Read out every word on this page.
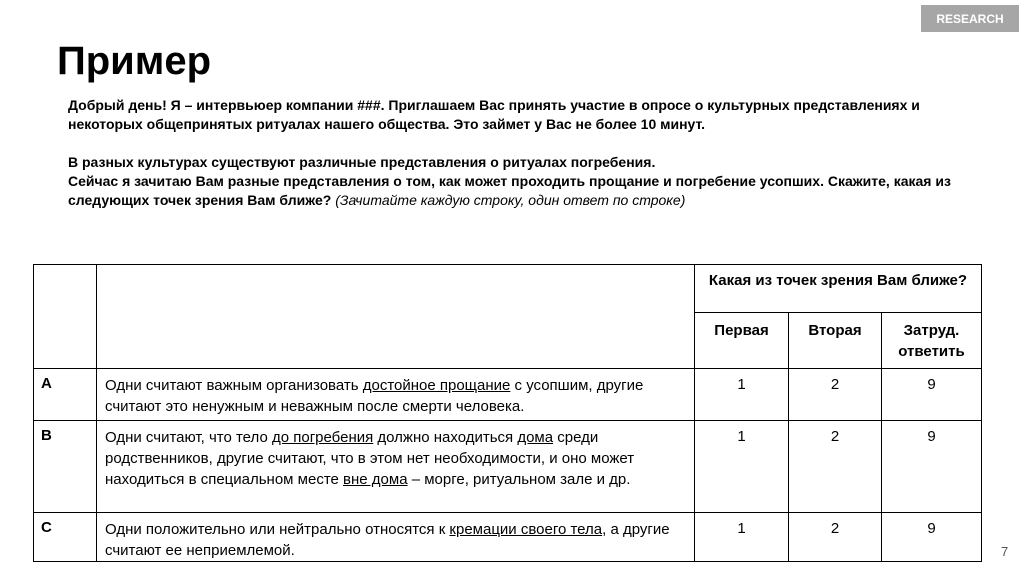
RESEARCH
Пример

Добрый день! Я – интервьюер компании ###. Приглашаем Вас принять участие в опросе о культурных представлениях и некоторых общепринятых ритуалах нашего общества. Это займет у Вас не более 10 минут.

В разных культурах существуют различные представления о ритуалах погребения.

Сейчас я зачитаю Вам разные представления о том, как может проходить прощание и погребение усопших. Скажите, какая из следующих точек зрения Вам ближе? (Зачитайте каждую строку, один ответ по строке)

		Какая из точек зрения Вам ближе?		
		Первая	Вторая	Затруд. ответить
A	Одни считают важным организовать достойное прощание с усопшим, другие считают это ненужным и неважным после смерти человека.	1	2	9
B	Одни считают, что тело до погребения должно находиться дома среди родственников, другие считают, что в этом нет необходимости, и оно может находиться в специальном месте вне дома – морге, ритуальном зале и др.	1	2	9
C	Одни положительно или нейтрально относятся к кремации своего тела, а другие считают ее неприемлемой.	1	2	9
7
